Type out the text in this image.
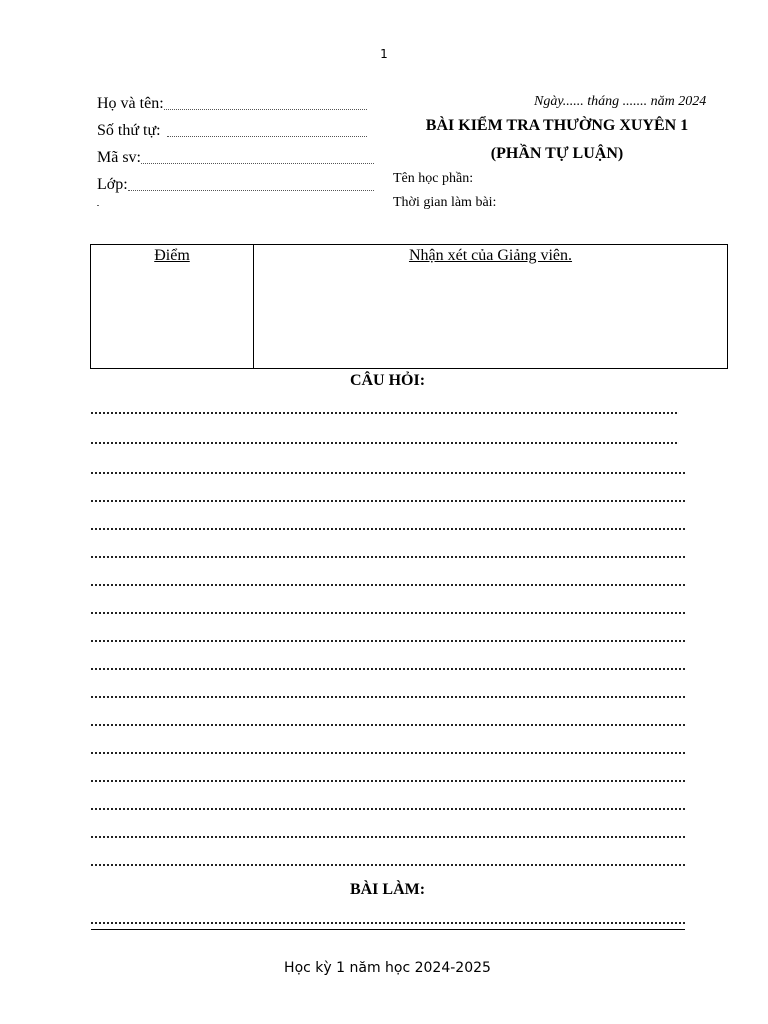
1
Họ và tên:
Số thứ tự:
Mã sv:
Lớp:
Ngày...... tháng ....... năm 2024
BÀI KIỂM TRA THƯỜNG XUYÊN 1
(PHẦN TỰ LUẬN)
Tên học phần:
Thời gian làm bài:
Điểm	Nhận xét của Giảng viên.
CÂU HỎI:
BÀI LÀM:
Học kỳ 1 năm học 2024-2025
